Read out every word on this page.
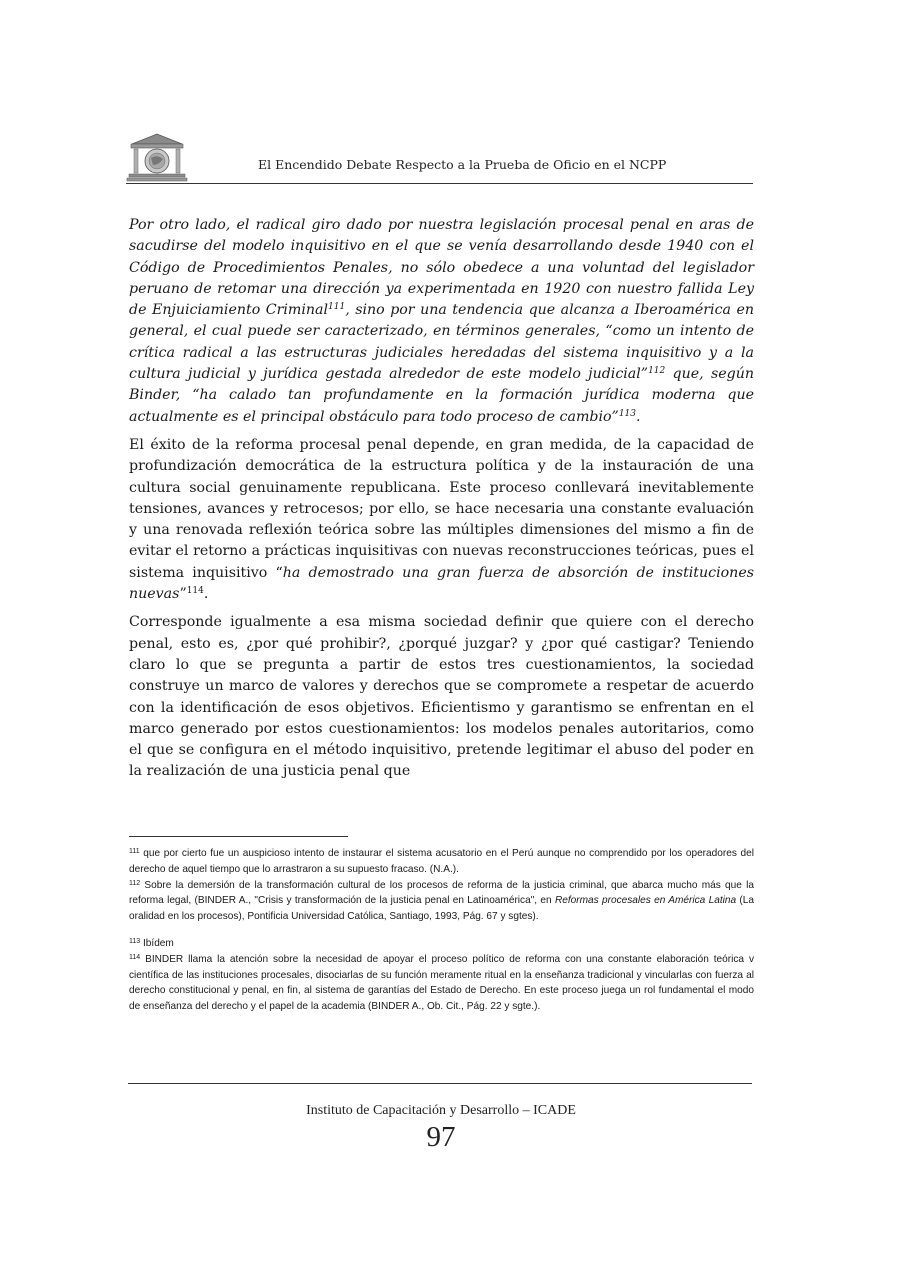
El Encendido Debate Respecto a la Prueba de Oficio en el NCPP

Por otro lado, el radical giro dado por nuestra legislación procesal penal en aras de sacudirse del modelo inquisitivo en el que se venía desarrollando desde 1940 con el Código de Procedimientos Penales, no sólo obedece a una voluntad del legislador peruano de retomar una dirección ya experimentada en 1920 con nuestro fallida Ley de Enjuiciamiento Criminal$^{111}$, sino por una tendencia que alcanza a Iberoamérica en general, el cual puede ser caracterizado, en términos generales, “como un intento de crítica radical a las estructuras judiciales heredadas del sistema inquisitivo y a la cultura judicial y jurídica gestada alrededor de este modelo judicial”$^{112}$ que, según Binder, “ha calado tan profundamente en la formación jurídica moderna que actualmente es el principal obstáculo para todo proceso de cambio”$^{113}$.

El éxito de la reforma procesal penal depende, en gran medida, de la capacidad de profundización democrática de la estructura política y de la instauración de una cultura social genuinamente republicana. Este proceso conllevará inevitablemente tensiones, avances y retrocesos; por ello, se hace necesaria una constante evaluación y una renovada reflexión teórica sobre las múltiples dimensiones del mismo a fin de evitar el retorno a prácticas inquisitivas con nuevas reconstrucciones teóricas, pues el sistema inquisitivo “ha demostrado una gran fuerza de absorción de instituciones nuevas”$^{114}$.

Corresponde igualmente a esa misma sociedad definir que quiere con el derecho penal, esto es, ¿por qué prohibir?, ¿porqué juzgar? y ¿por qué castigar? Teniendo claro lo que se pregunta a partir de estos tres cuestionamientos, la sociedad construye un marco de valores y derechos que se compromete a respetar de acuerdo con la identificación de esos objetivos. Eficientismo y garantismo se enfrentan en el marco generado por estos cuestionamientos: los modelos penales autoritarios, como el que se configura en el método inquisitivo, pretende legitimar el abuso del poder en la realización de una justicia penal que

$^{111}$ que por cierto fue un auspicioso intento de instaurar el sistema acusatorio en el Perú aunque no comprendido por los operadores del derecho de aquel tiempo que lo arrastraron a su supuesto fracaso. (N.A.).

$^{112}$ Sobre la demersión de la transformación cultural de los procesos de reforma de la justicia criminal, que abarca mucho más que la reforma legal, (BINDER A., "Crisis y transformación de la justicia penal en Latinoamérica", en Reformas procesales en América Latina (La oralidad en los procesos), Pontificia Universidad Católica, Santiago, 1993, Pág. 67 y sgtes).

$^{113}$ Ibídem

$^{114}$ BINDER llama la atención sobre la necesidad de apoyar el proceso político de reforma con una constante elaboración teórica v científica de las instituciones procesales, disociarlas de su función meramente ritual en la enseñanza tradicional y vincularlas con fuerza al derecho constitucional y penal, en fin, al sistema de garantías del Estado de Derecho. En este proceso juega un rol fundamental el modo de enseñanza del derecho y el papel de la academia (BINDER A., Ob. Cit., Pág. 22 y sgte.).

Instituto de Capacitación y Desarrollo – ICADE
97
